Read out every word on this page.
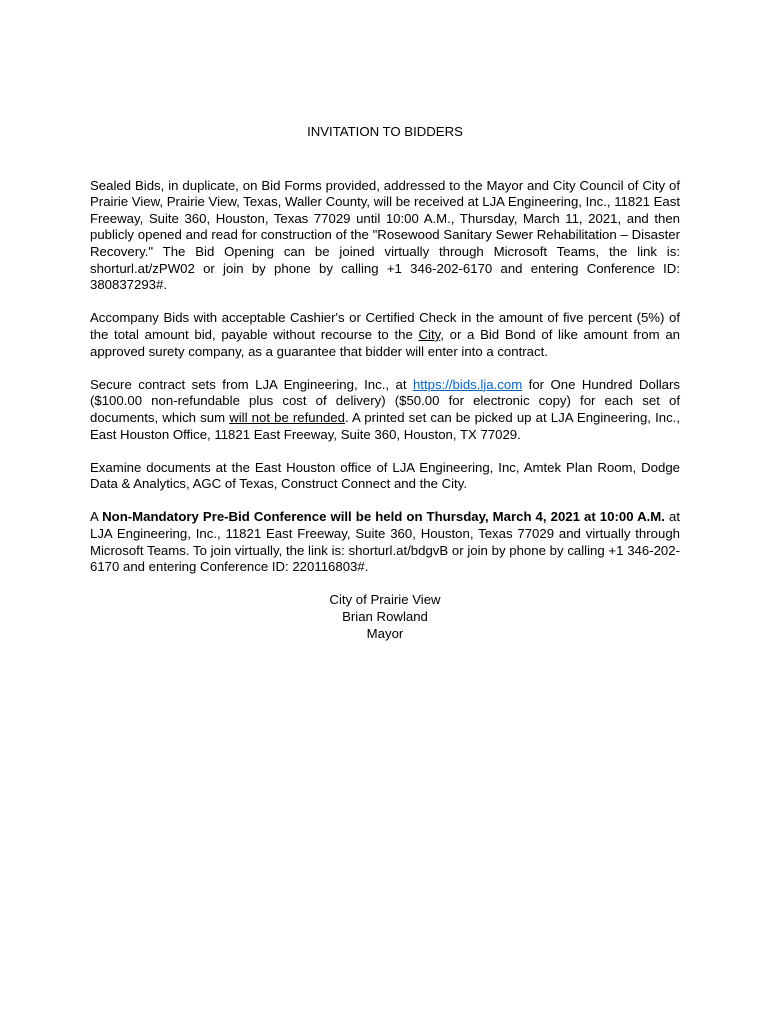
INVITATION TO BIDDERS

Sealed Bids, in duplicate, on Bid Forms provided, addressed to the Mayor and City Council of City of Prairie View, Prairie View, Texas, Waller County, will be received at LJA Engineering, Inc., 11821 East Freeway, Suite 360, Houston, Texas 77029 until 10:00 A.M., Thursday, March 11, 2021, and then publicly opened and read for construction of the "Rosewood Sanitary Sewer Rehabilitation – Disaster Recovery." The Bid Opening can be joined virtually through Microsoft Teams, the link is: shorturl.at/zPW02 or join by phone by calling +1 346-202-6170 and entering Conference ID: 380837293#.

Accompany Bids with acceptable Cashier's or Certified Check in the amount of five percent (5%) of the total amount bid, payable without recourse to the City, or a Bid Bond of like amount from an approved surety company, as a guarantee that bidder will enter into a contract.

Secure contract sets from LJA Engineering, Inc., at https://bids.lja.com for One Hundred Dollars ($100.00 non-refundable plus cost of delivery) ($50.00 for electronic copy) for each set of documents, which sum will not be refunded. A printed set can be picked up at LJA Engineering, Inc., East Houston Office, 11821 East Freeway, Suite 360, Houston, TX 77029.

Examine documents at the East Houston office of LJA Engineering, Inc, Amtek Plan Room, Dodge Data & Analytics, AGC of Texas, Construct Connect and the City.

A Non-Mandatory Pre-Bid Conference will be held on Thursday, March 4, 2021 at 10:00 A.M. at LJA Engineering, Inc., 11821 East Freeway, Suite 360, Houston, Texas 77029 and virtually through Microsoft Teams. To join virtually, the link is: shorturl.at/bdgvB or join by phone by calling +1 346-202-6170 and entering Conference ID: 220116803#.

City of Prairie View
Brian Rowland
Mayor
